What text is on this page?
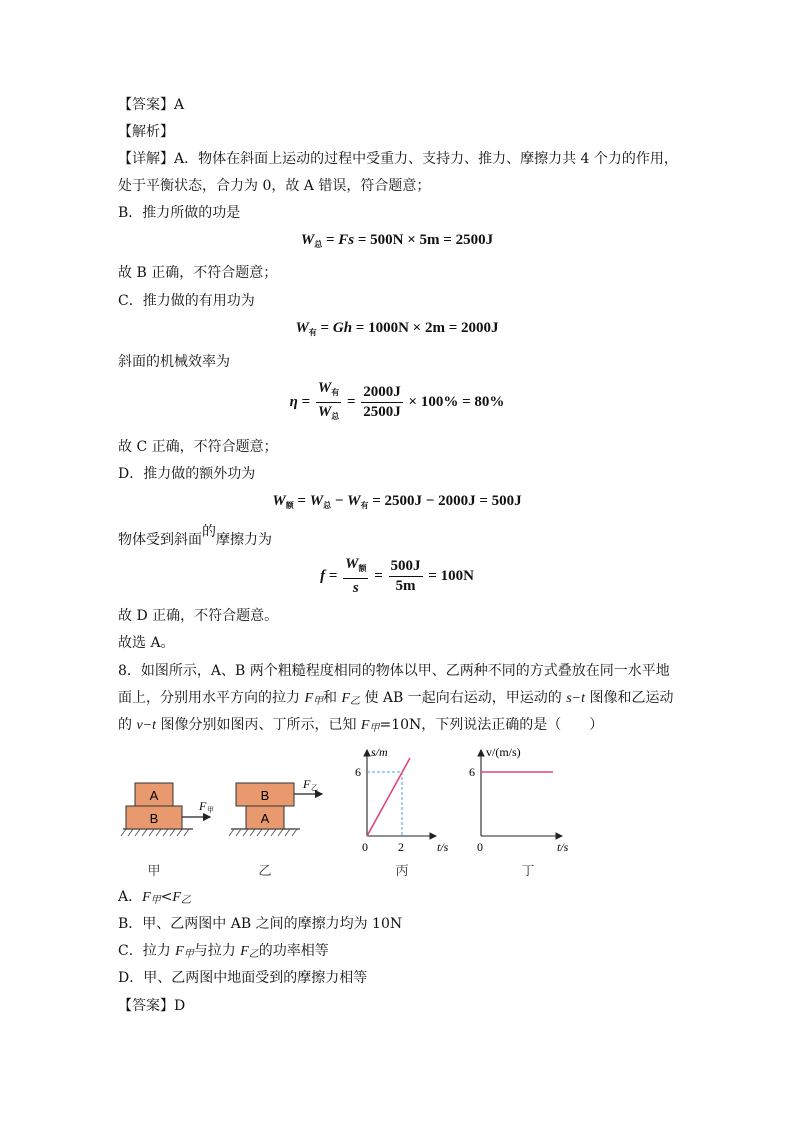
【答案】A
【解析】
【详解】A．物体在斜面上运动的过程中受重力、支持力、推力、摩擦力共 4 个力的作用，
处于平衡状态，合力为 0，故 A 错误，符合题意；
B．推力所做的功是
$W_总 = Fs = 500N \times 5m = 2500J$
故 B 正确，不符合题意；
C．推力做的有用功为
$W_有 = Gh = 1000N \times 2m = 2000J$
斜面的机械效率为
$\eta = \frac{W_有}{W_总} = \frac{2000J}{2500J} \times 100\% = 80\%$
故 C 正确，不符合题意；
D．推力做的额外功为
$W_额 = W_总 - W_有 = 2500J - 2000J = 500J$
物体受到斜面的摩擦力为
$f = \frac{W_额}{s} = \frac{500J}{5m} = 100N$
故 D 正确，不符合题意。
故选 A。
8．如图所示，A、B 两个粗糙程度相同的物体以甲、乙两种不同的方式叠放在同一水平地
面上，分别用水平方向的拉力 F甲和 F乙 使 AB 一起向右运动，甲运动的 s−t 图像和乙运动
的 v−t 图像分别如图丙、丁所示，已知 F甲=10N，下列说法正确的是（　　）
A
B
F 甲
甲
B
A
F 乙
乙
s/m
6
0	2	t/s
丙
v/(m/s)
6
0	t/s
丁
A．F甲<F乙
B．甲、乙两图中 AB 之间的摩擦力均为 10N
C．拉力 F甲与拉力 F乙的功率相等
D．甲、乙两图中地面受到的摩擦力相等
【答案】D
